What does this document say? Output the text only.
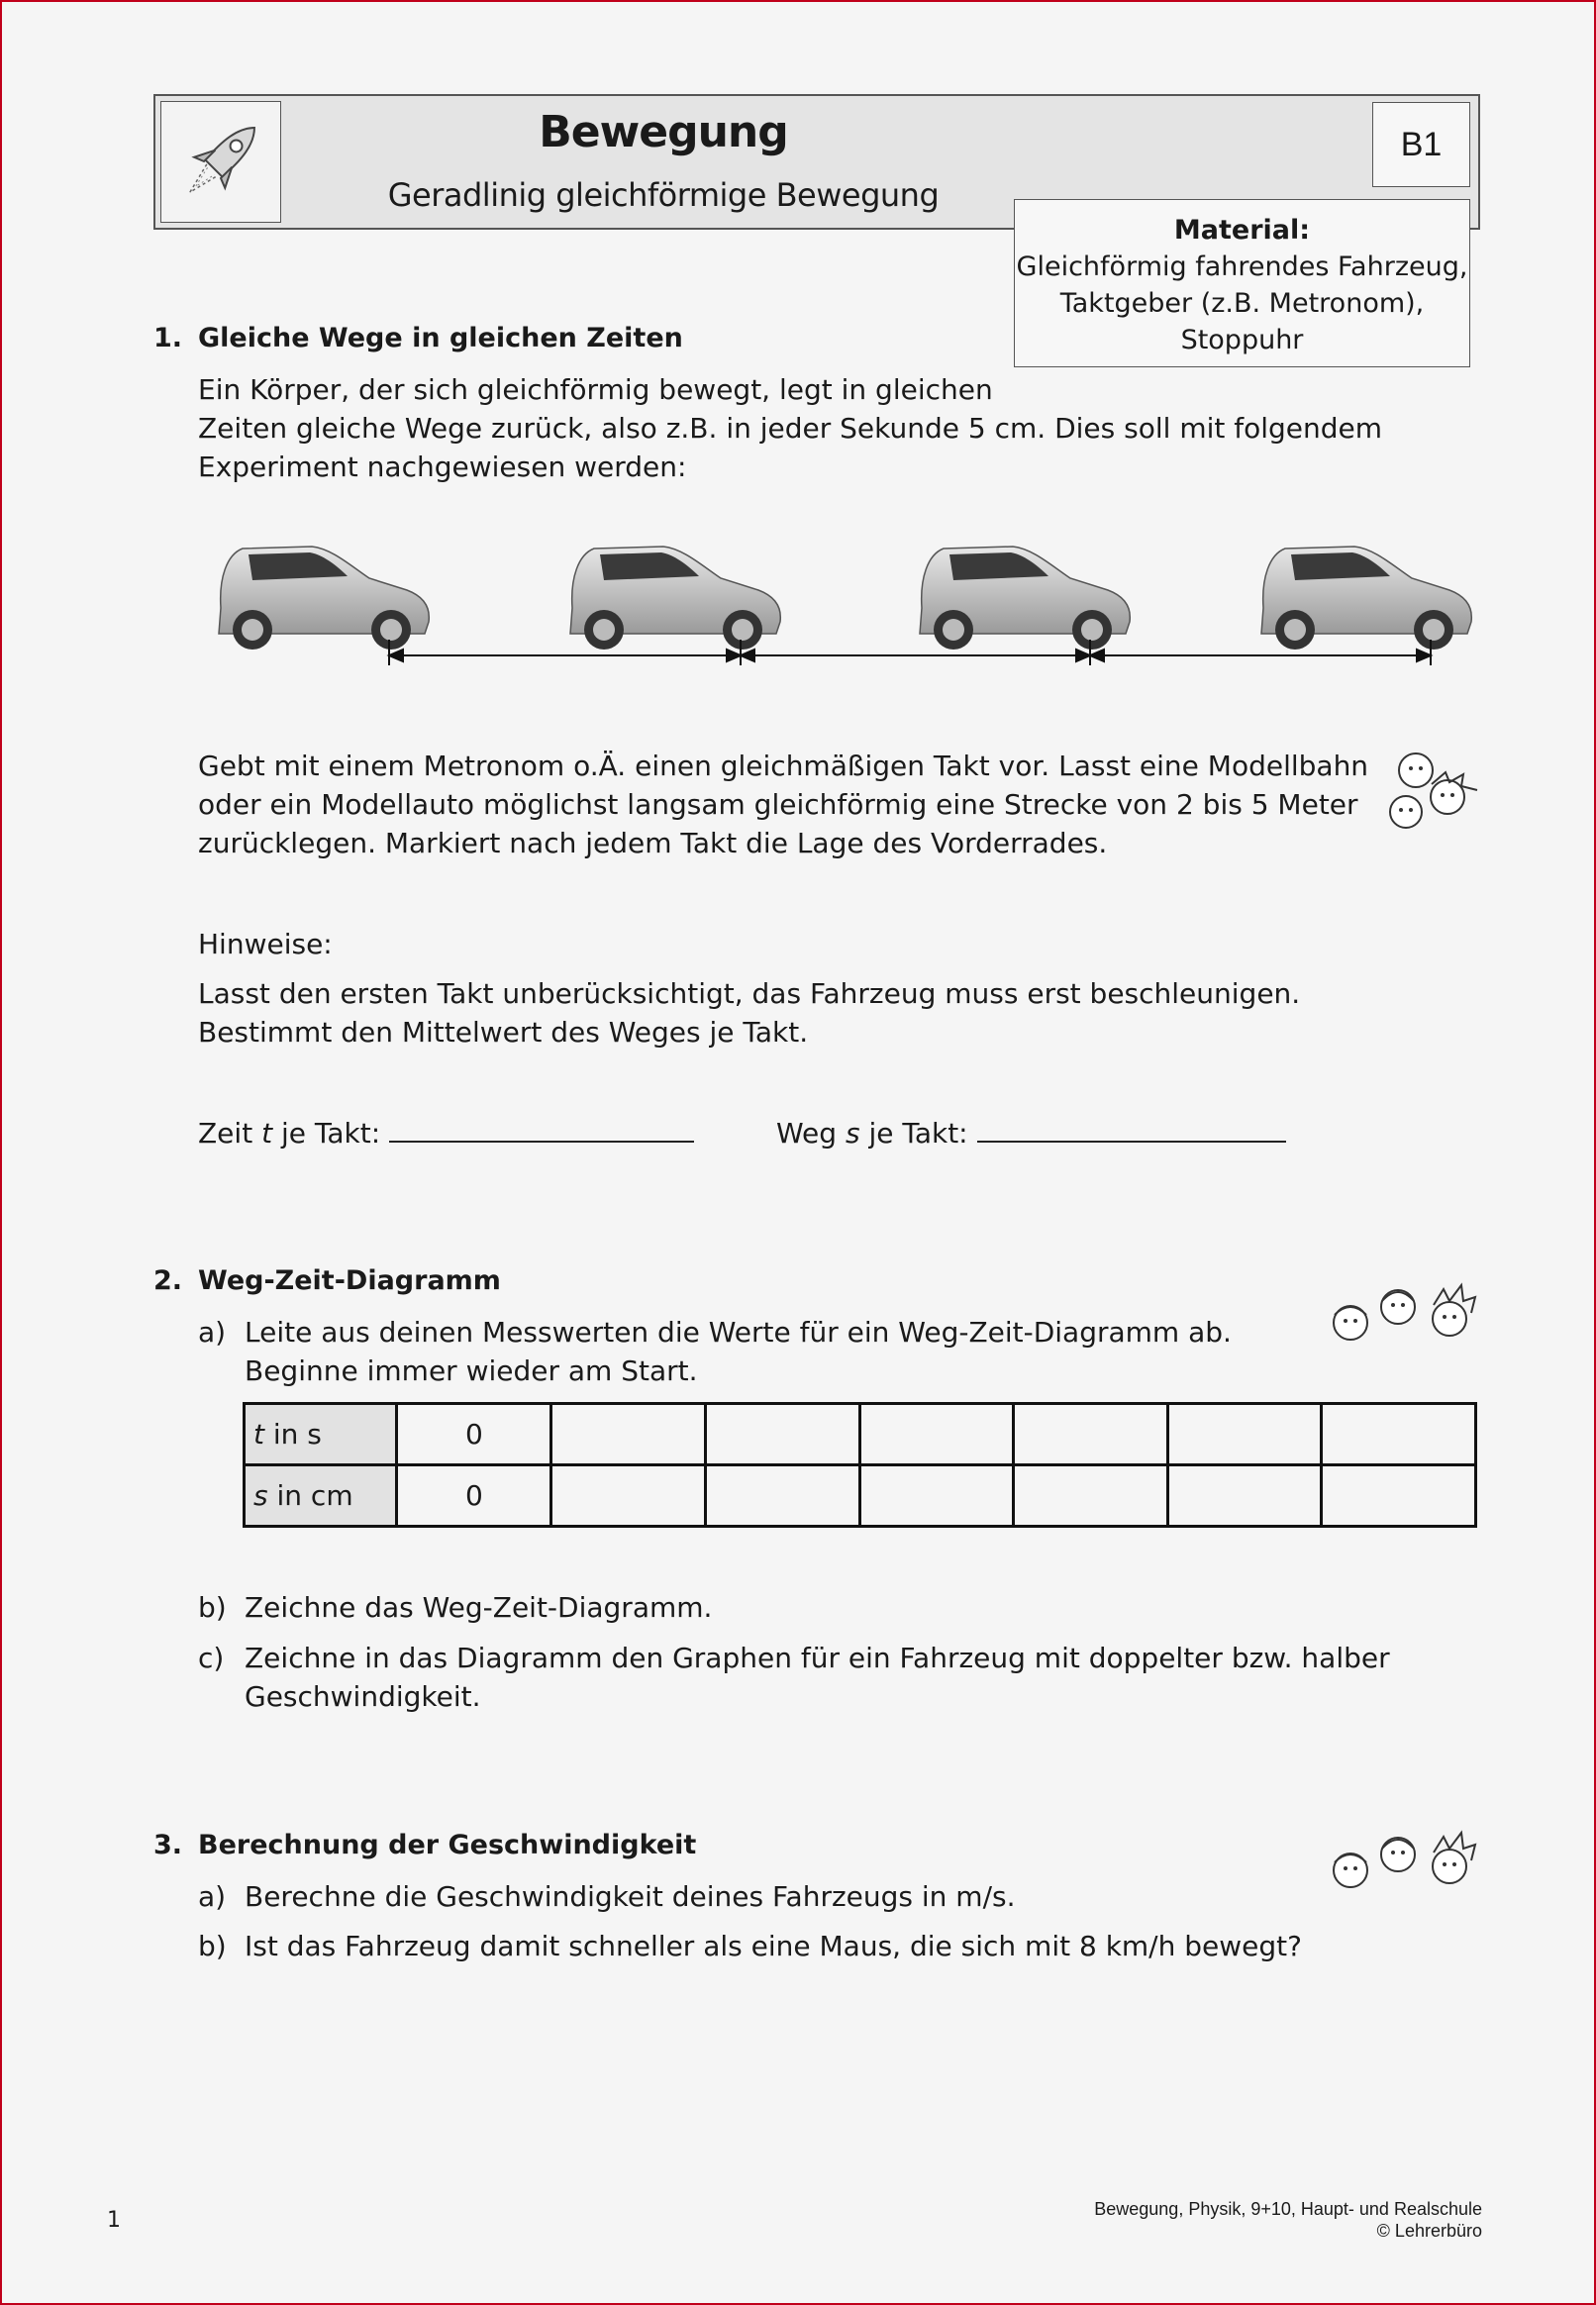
Bewegung
Geradlinig gleichförmige Bewegung
B1
Material:
Gleichförmig fahrendes Fahrzeug,
Taktgeber (z.B. Metronom),
Stoppuhr
1. Gleiche Wege in gleichen Zeiten
Ein Körper, der sich gleichförmig bewegt, legt in gleichen
Zeiten gleiche Wege zurück, also z.B. in jeder Sekunde 5 cm. Dies soll mit folgendem
Experiment nachgewiesen werden:
Gebt mit einem Metronom o.Ä. einen gleichmäßigen Takt vor. Lasst eine Modellbahn
oder ein Modellauto möglichst langsam gleichförmig eine Strecke von 2 bis 5 Meter
zurücklegen. Markiert nach jedem Takt die Lage des Vorderrades.
Hinweise:
Lasst den ersten Takt unberücksichtigt, das Fahrzeug muss erst beschleunigen.
Bestimmt den Mittelwert des Weges je Takt.
Zeit t je Takt:	Weg s je Takt:
2. Weg-Zeit-Diagramm
a) Leite aus deinen Messwerten die Werte für ein Weg-Zeit-Diagramm ab.
Beginne immer wieder am Start.
t in s	0						
s in cm	0						
b) Zeichne das Weg-Zeit-Diagramm.
c) Zeichne in das Diagramm den Graphen für ein Fahrzeug mit doppelter bzw. halber
Geschwindigkeit.
3. Berechnung der Geschwindigkeit
a) Berechne die Geschwindigkeit deines Fahrzeugs in m/s.
b) Ist das Fahrzeug damit schneller als eine Maus, die sich mit 8 km/h bewegt?
1	Bewegung, Physik, 9+10, Haupt- und Realschule
© Lehrerbüro
